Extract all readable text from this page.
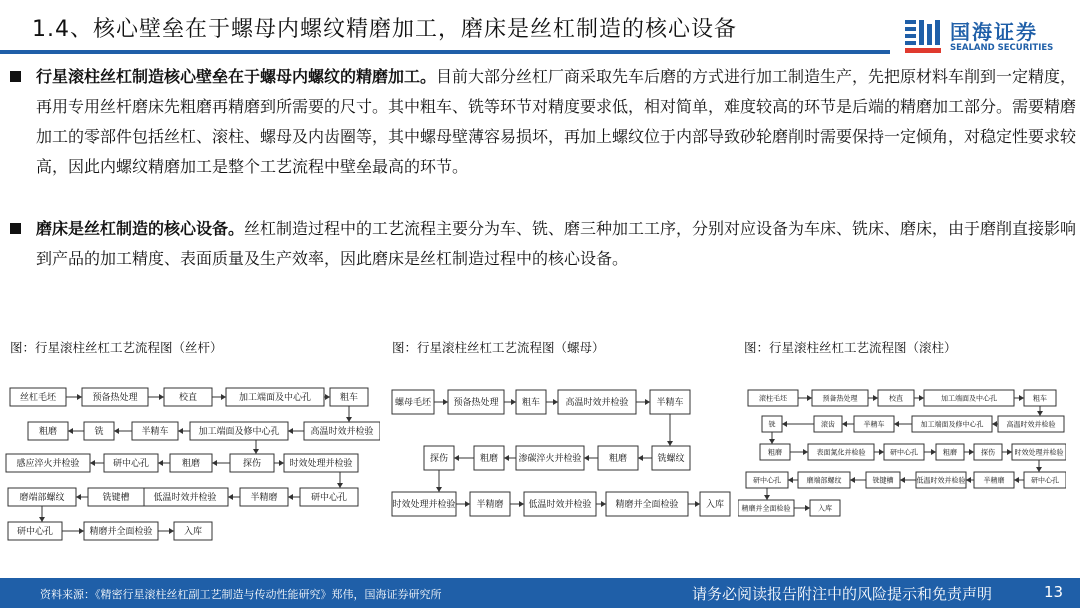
1.4、核心壁垒在于螺母内螺纹精磨加工，磨床是丝杠制造的核心设备	国海证券
SEALAND SECURITIES
行星滚柱丝杠制造核心壁垒在于螺母内螺纹的精磨加工。目前大部分丝杠厂商采取先车后磨的方式进行加工制造生产，先把原材料车削到一定精度，再用专用丝杆磨床先粗磨再精磨到所需要的尺寸。其中粗车、铣等环节对精度要求低，相对简单，难度较高的环节是后端的精磨加工部分。需要精磨加工的零部件包括丝杠、滚柱、螺母及内齿圈等，其中螺母壁薄容易损坏，再加上螺纹位于内部导致砂轮磨削时需要保持一定倾角，对稳定性要求较高，因此内螺纹精磨加工是整个工艺流程中壁垒最高的环节。
磨床是丝杠制造的核心设备。丝杠制造过程中的工艺流程主要分为车、铣、磨三种加工工序，分别对应设备为车床、铣床、磨床，由于磨削直接影响到产品的加工精度、表面质量及生产效率，因此磨床是丝杠制造过程中的核心设备。
图：行星滚柱丝杠工艺流程图（丝杆）	图：行星滚柱丝杠工艺流程图（螺母）	图：行星滚柱丝杠工艺流程图（滚柱）
丝杠毛坯	预备热处理	校直	加工端面及中心孔	粗车
高温时效并检验
加工端面及修中心孔
半精车
铣
粗磨
探伤	时效处理并检验
粗磨
研中心孔
感应淬火并检验
研中心孔
半精磨
低温时效并检验
铣键槽
磨端部螺纹
研中心孔	精磨并全面检验	入库
螺母毛坯 预备热处理	粗车	高温时效并检验	半精车
铣螺纹
粗磨
渗碳淬火并检验
粗磨
探伤
时效处理并检验 半精磨	低温时效并检验	精磨并全面检验	入库
滚柱毛坯	预备热处理	校直	加工端面及中心孔	粗车
高温时效并检验
加工端面及修中心孔
半精车
滚齿
铣
粗磨	表面氮化并检验	研中心孔	粗磨	探伤	时效处理并检验
研中心孔
半精磨
低温时效并检验
铣键槽
磨端部螺纹
研中心孔
精磨并全面检验	入库
资料来源：《精密行星滚柱丝杠副工艺制造与传动性能研究》郑伟，国海证券研究所	请务必阅读报告附注中的风险提示和免责声明	13
